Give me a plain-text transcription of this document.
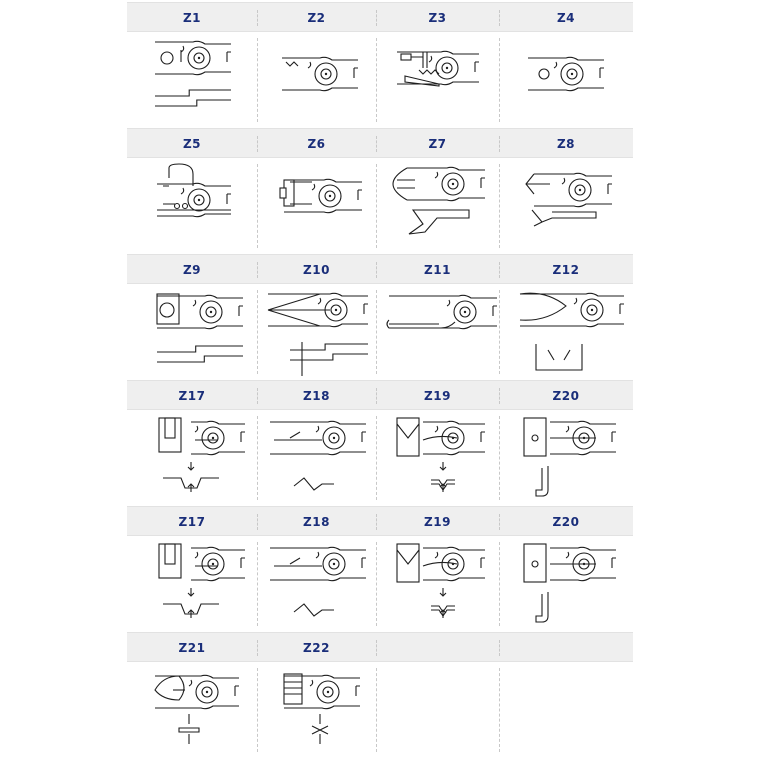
Z1	Z2	Z3	Z4
Z5	Z6	Z7	Z8
Z9	Z10	Z11	Z12
Z17	Z18	Z19	Z20
Z17	Z18	Z19	Z20
Z21	Z22
